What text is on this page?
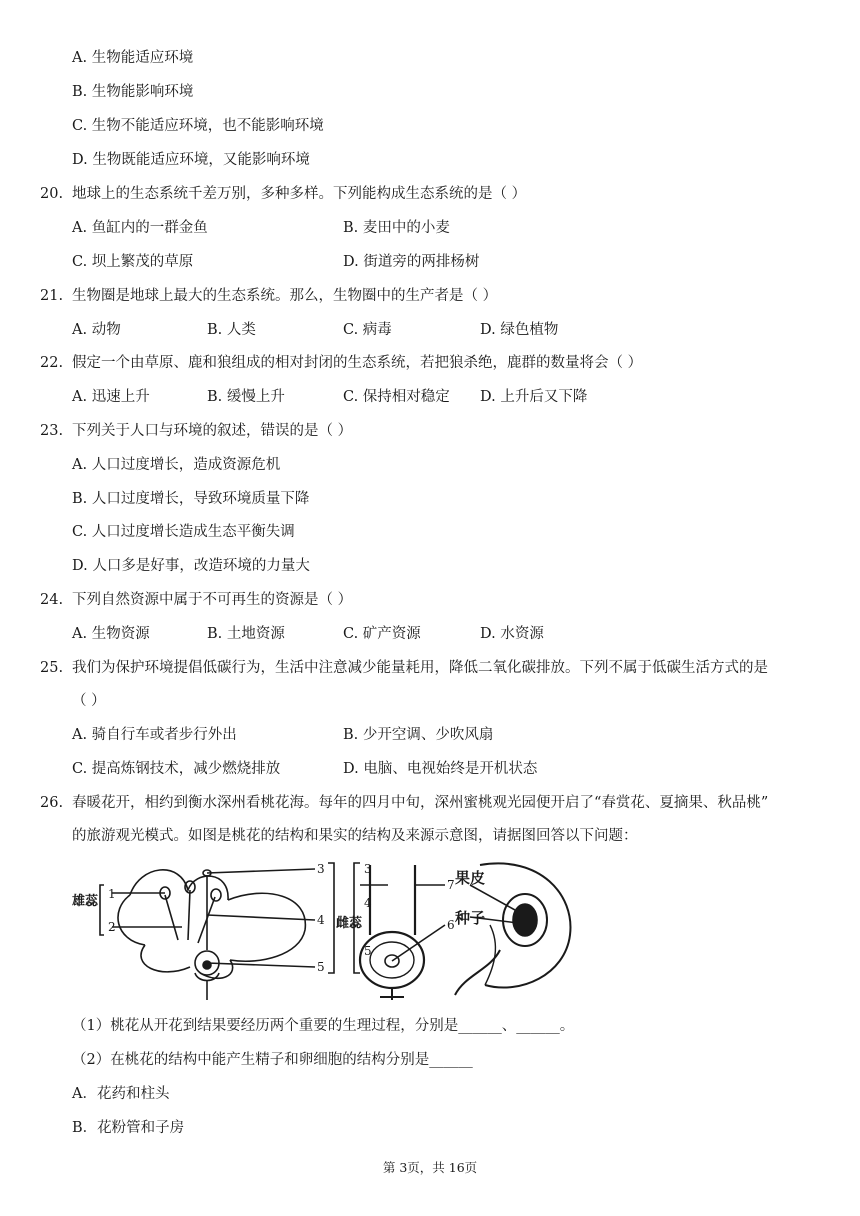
A. 生物能适应环境
B. 生物能影响环境
C. 生物不能适应环境，也不能影响环境
D. 生物既能适应环境，又能影响环境
20. 地球上的生态系统千差万别，多种多样。下列能构成生态系统的是（ ）
A. 鱼缸内的一群金鱼	B. 麦田中的小麦
C. 坝上繁茂的草原	D. 街道旁的两排杨树
21. 生物圈是地球上最大的生态系统。那么，生物圈中的生产者是（ ）
A. 动物	B. 人类	C. 病毒	D. 绿色植物
22. 假定一个由草原、鹿和狼组成的相对封闭的生态系统，若把狼杀绝，鹿群的数量将会（ ）
A. 迅速上升	B. 缓慢上升	C. 保持相对稳定 D. 上升后又下降
23. 下列关于人口与环境的叙述，错误的是（ ）
A. 人口过度增长，造成资源危机
B. 人口过度增长，导致环境质量下降
C. 人口过度增长造成生态平衡失调
D. 人口多是好事，改造环境的力量大
24. 下列自然资源中属于不可再生的资源是（ ）
A. 生物资源	B. 土地资源	C. 矿产资源	D. 水资源
25. 我们为保护环境提倡低碳行为，生活中注意减少能量耗用，降低二氧化碳排放。下列不属于低碳生活方式的是
（ ）
A. 骑自行车或者步行外出	B. 少开空调、少吹风扇
C. 提高炼钢技术，减少燃烧排放	D. 电脑、电视始终是开机状态
26. 春暖花开，相约到衡水深州看桃花海。每年的四月中旬，深州蜜桃观光园便开启了“春赏花、夏摘果、秋品桃”
的旅游观光模式。如图是桃花的结构和果实的结构及来源示意图，请据图回答以下问题：
雄蕊 1
2
3
4
5
雌蕊
3
4
5
6
7 果皮
种子
（1）桃花从开花到结果要经历两个重要的生理过程，分别是______、______。
（2）在桃花的结构中能产生精子和卵细胞的结构分别是______
A．花药和柱头
B．花粉管和子房
第 3页，共 16页
